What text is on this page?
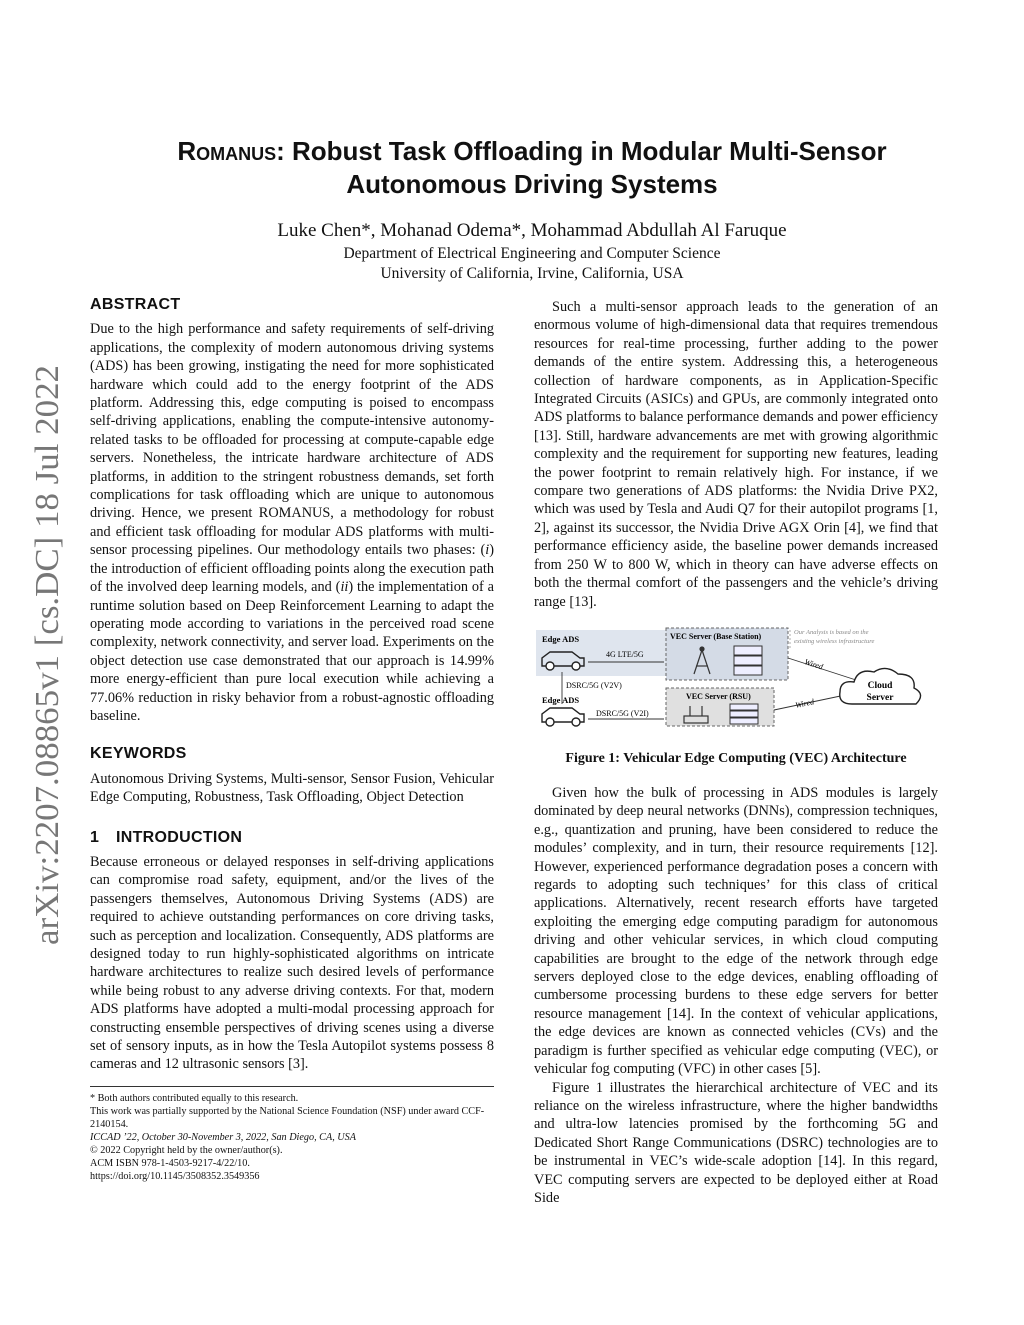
arXiv:2207.08865v1 [cs.DC] 18 Jul 2022
Romanus: Robust Task Offloading in Modular Multi-Sensor
Autonomous Driving Systems
Luke Chen*, Mohanad Odema*, Mohammad Abdullah Al Faruque
Department of Electrical Engineering and Computer Science
University of California, Irvine, California, USA
ABSTRACT

Due to the high performance and safety requirements of self-driving applications, the complexity of modern autonomous driving systems (ADS) has been growing, instigating the need for more sophisticated hardware which could add to the energy footprint of the ADS platform. Addressing this, edge computing is poised to encompass self-driving applications, enabling the compute-intensive autonomy-related tasks to be offloaded for processing at compute-capable edge servers. Nonetheless, the intricate hardware architecture of ADS platforms, in addition to the stringent robustness demands, set forth complications for task offloading which are unique to autonomous driving. Hence, we present ROMANUS, a methodology for robust and efficient task offloading for modular ADS platforms with multi-sensor processing pipelines. Our methodology entails two phases: (i) the introduction of efficient offloading points along the execution path of the involved deep learning models, and (ii) the implementation of a runtime solution based on Deep Reinforcement Learning to adapt the operating mode according to variations in the perceived road scene complexity, network connectivity, and server load. Experiments on the object detection use case demonstrated that our approach is 14.99% more energy-efficient than pure local execution while achieving a 77.06% reduction in risky behavior from a robust-agnostic offloading baseline.

KEYWORDS

Autonomous Driving Systems, Multi-sensor, Sensor Fusion, Vehicular Edge Computing, Robustness, Task Offloading, Object Detection

1 INTRODUCTION

Because erroneous or delayed responses in self-driving applications can compromise road safety, equipment, and/or the lives of the passengers themselves, Autonomous Driving Systems (ADS) are required to achieve outstanding performances on core driving tasks, such as perception and localization. Consequently, ADS platforms are designed today to run highly-sophisticated algorithms on intricate hardware architectures to realize such desired levels of performance while being robust to any adverse driving contexts. For that, modern ADS platforms have adopted a multi-modal processing approach for constructing ensemble perspectives of driving scenes using a diverse set of sensory inputs, as in how the Tesla Autopilot systems possess 8 cameras and 12 ultrasonic sensors [3].

* Both authors contributed equally to this research.
This work was partially supported by the National Science Foundation (NSF) under award CCF-2140154.
ICCAD ’22, October 30-November 3, 2022, San Diego, CA, USA
© 2022 Copyright held by the owner/author(s).
ACM ISBN 978-1-4503-9217-4/22/10.
https://doi.org/10.1145/3508352.3549356

Such a multi-sensor approach leads to the generation of an enormous volume of high-dimensional data that requires tremendous resources for real-time processing, further adding to the power demands of the entire system. Addressing this, a heterogeneous collection of hardware components, as in Application-Specific Integrated Circuits (ASICs) and GPUs, are commonly integrated onto ADS platforms to balance performance demands and power efficiency [13]. Still, hardware advancements are met with growing algorithmic complexity and the requirement for supporting new features, leading the power footprint to remain relatively high. For instance, if we compare two generations of ADS platforms: the Nvidia Drive PX2, which was used by Tesla and Audi Q7 for their autopilot programs [1, 2], against its successor, the Nvidia Drive AGX Orin [4], we find that performance efficiency aside, the baseline power demands increased from 250 W to 800 W, which in theory can have adverse effects on both the thermal comfort of the passengers and the vehicle’s driving range [13].

Edge ADS
Edge ADS
4G LTE/5G
DSRC/5G (V2V)
DSRC/5G (V2I)
VEC Server (Base Station)
VEC Server (RSU)
Wired
Wired
Cloud
Server
Our Analysis is based on the
existing wireless infrastructure
Figure 1: Vehicular Edge Computing (VEC) Architecture

Given how the bulk of processing in ADS modules is largely dominated by deep neural networks (DNNs), compression techniques, e.g., quantization and pruning, have been considered to reduce the modules’ complexity, and in turn, their resource requirements [12]. However, experienced performance degradation poses a concern with regards to adopting such techniques’ for this class of critical applications. Alternatively, recent research efforts have targeted exploiting the emerging edge computing paradigm for autonomous driving and other vehicular services, in which cloud computing capabilities are brought to the edge of the network through edge servers deployed close to the edge devices, enabling offloading of cumbersome processing burdens to these edge servers for better resource management [14]. In the context of vehicular applications, the edge devices are known as connected vehicles (CVs) and the paradigm is further specified as vehicular edge computing (VEC), or vehicular fog computing (VFC) in other cases [5].

Figure 1 illustrates the hierarchical architecture of VEC and its reliance on the wireless infrastructure, where the higher bandwidths and ultra-low latencies promised by the forthcoming 5G and Dedicated Short Range Communications (DSRC) technologies are to be instrumental in VEC’s wide-scale adoption [14]. In this regard, VEC computing servers are expected to be deployed either at Road Side
